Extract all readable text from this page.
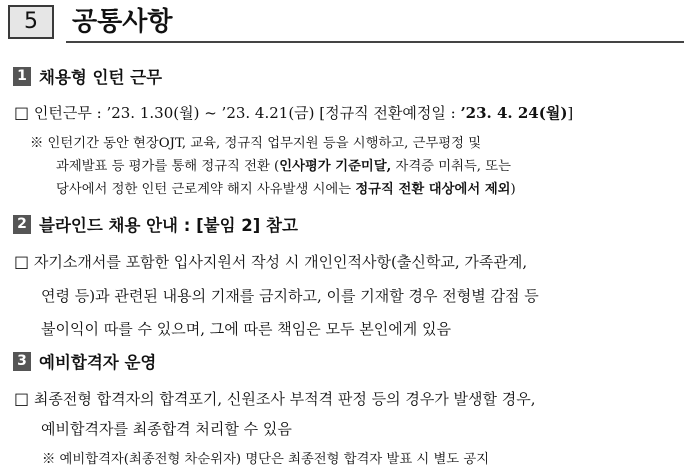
5	공통사항
1 채용형 인턴 근무
□ 인턴근무 : ’23. 1.30(월) ~ ’23. 4.21(금) [정규직 전환예정일 : ’23. 4. 24(월)]
※ 인턴기간 동안 현장OJT, 교육, 정규직 업무지원 등을 시행하고, 근무평정 및
과제발표 등 평가를 통해 정규직 전환 (인사평가 기준미달, 자격증 미취득, 또는
당사에서 정한 인턴 근로계약 해지 사유발생 시에는 정규직 전환 대상에서 제외)
2 블라인드 채용 안내 : [붙임 2] 참고
□ 자기소개서를 포함한 입사지원서 작성 시 개인인적사항(출신학교, 가족관계,
연령 등)과 관련된 내용의 기재를 금지하고, 이를 기재할 경우 전형별 감점 등
불이익이 따를 수 있으며, 그에 따른 책임은 모두 본인에게 있음
3 예비합격자 운영
□ 최종전형 합격자의 합격포기, 신원조사 부적격 판정 등의 경우가 발생할 경우,
예비합격자를 최종합격 처리할 수 있음
※ 예비합격자(최종전형 차순위자) 명단은 최종전형 합격자 발표 시 별도 공지
